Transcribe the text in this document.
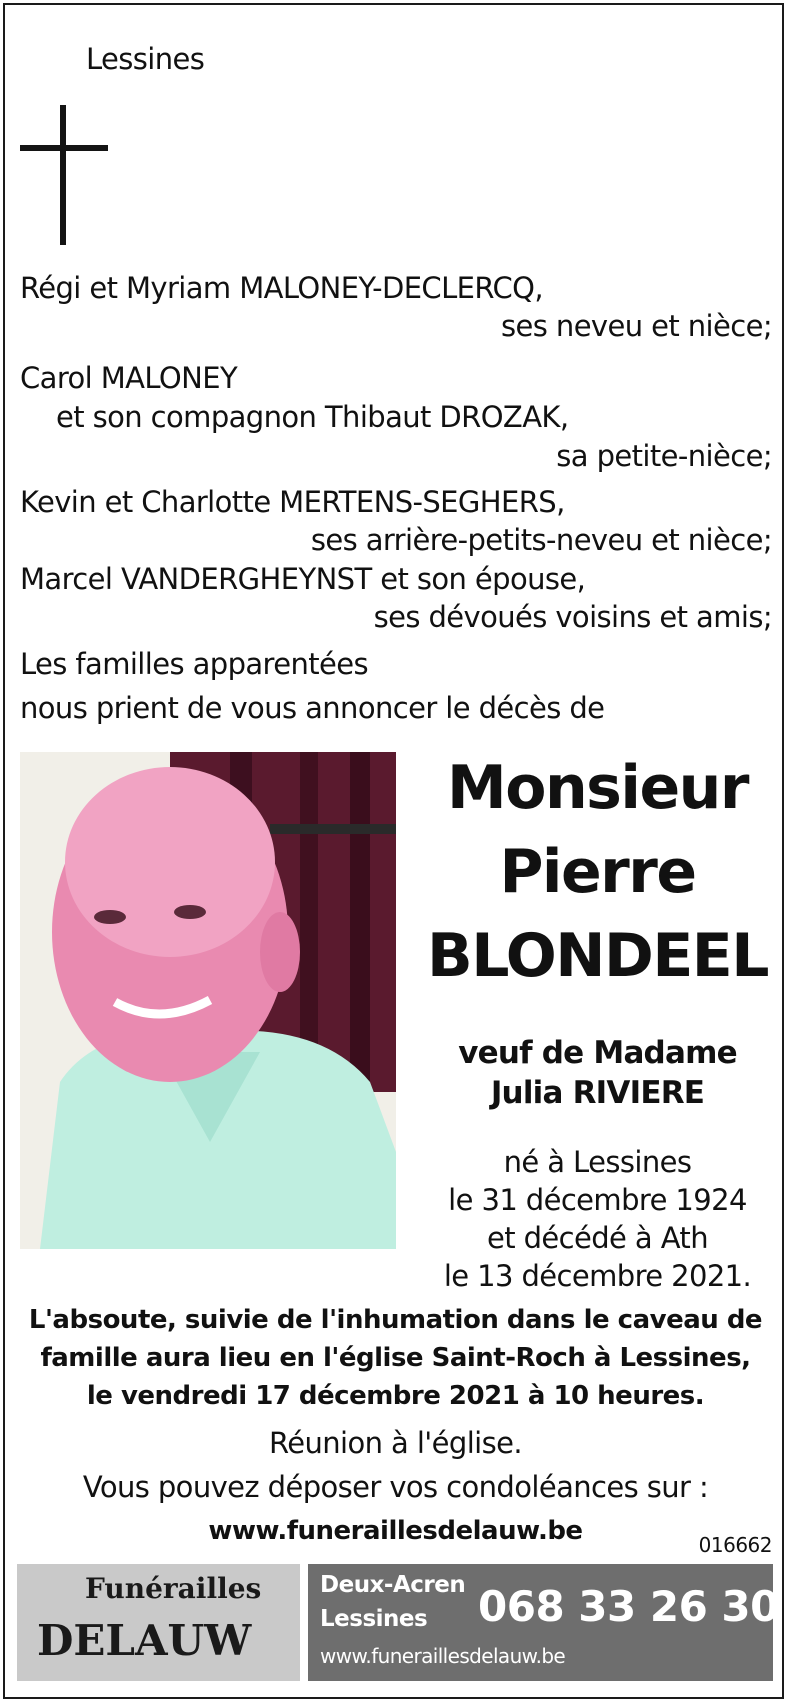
Lessines
Régi et Myriam MALONEY-DECLERCQ,
ses neveu et nièce;
Carol MALONEY
et son compagnon Thibaut DROZAK,
sa petite-nièce;
Kevin et Charlotte MERTENS-SEGHERS,
ses arrière-petits-neveu et nièce;
Marcel VANDERGHEYNST et son épouse,
ses dévoués voisins et amis;
Les familles apparentées
nous prient de vous annoncer le décès de
Monsieur
Pierre
BLONDEEL
veuf de Madame
Julia RIVIERE
né à Lessines
le 31 décembre 1924
et décédé à Ath
le 13 décembre 2021.
L'absoute, suivie de l'inhumation dans le caveau de
famille aura lieu en l'église Saint-Roch à Lessines,
le vendredi 17 décembre 2021 à 10 heures.
Réunion à l'église.
Vous pouvez déposer vos condoléances sur :
www.funeraillesdelauw.be	016662
Funérailles
DELAUW
Deux-Acren
Lessines
www.funeraillesdelauw.be
068 33 26 30
